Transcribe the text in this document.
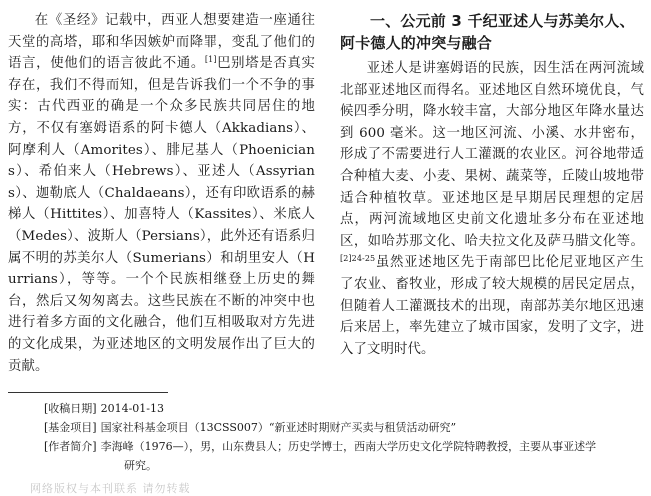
在《圣经》记载中，西亚人想要建造一座通往天堂的高塔，耶和华因嫉妒而降罪，变乱了他们的语言，使他们的语言彼此不通。[1]巴别塔是否真实存在，我们不得而知，但是告诉我们一个不争的事实：古代西亚的确是一个众多民族共同居住的地方，不仅有塞姆语系的阿卡德人（Akkadians）、阿摩利人（Amorites）、腓尼基人（Phoenicians）、希伯来人（Hebrews）、亚述人（Assyrians）、迦勒底人（Chaldaeans），还有印欧语系的赫梯人（Hittites）、加喜特人（Kassites）、米底人（Medes）、波斯人（Persians），此外还有语系归属不明的苏美尔人（Sumerians）和胡里安人（Hurrians），等等。一个个民族相继登上历史的舞台，然后又匆匆离去。这些民族在不断的冲突中也进行着多方面的文化融合，他们互相吸取对方先进的文化成果，为亚述地区的文明发展作出了巨大的贡献。

一、公元前 3 千纪亚述人与苏美尔人、阿卡德人的冲突与融合

亚述人是讲塞姆语的民族，因生活在两河流域北部亚述地区而得名。亚述地区自然环境优良，气候四季分明，降水较丰富，大部分地区年降水量达到 600 毫米。这一地区河流、小溪、水井密布，形成了不需要进行人工灌溉的农业区。河谷地带适合种植大麦、小麦、果树、蔬菜等，丘陵山坡地带适合种植牧草。亚述地区是早期居民理想的定居点，两河流域地区史前文化遗址多分布在亚述地区，如哈苏那文化、哈夫拉文化及萨马腊文化等。$^{[2]24-25}$虽然亚述地区先于南部巴比伦尼亚地区产生了农业、畜牧业，形成了较大规模的居民定居点，但随着人工灌溉技术的出现，南部苏美尔地区迅速后来居上，率先建立了城市国家，发明了文字，进入了文明时代。

[收稿日期] 2014-01-13
[基金项目] 国家社科基金项目（13CSS007）“新亚述时期财产买卖与租赁活动研究”
[作者简介] 李海峰（1976—），男，山东费县人；历史学博士，西南大学历史文化学院特聘教授，主要从事亚述学
研究。
网络版权与本刊联系 请勿转载
